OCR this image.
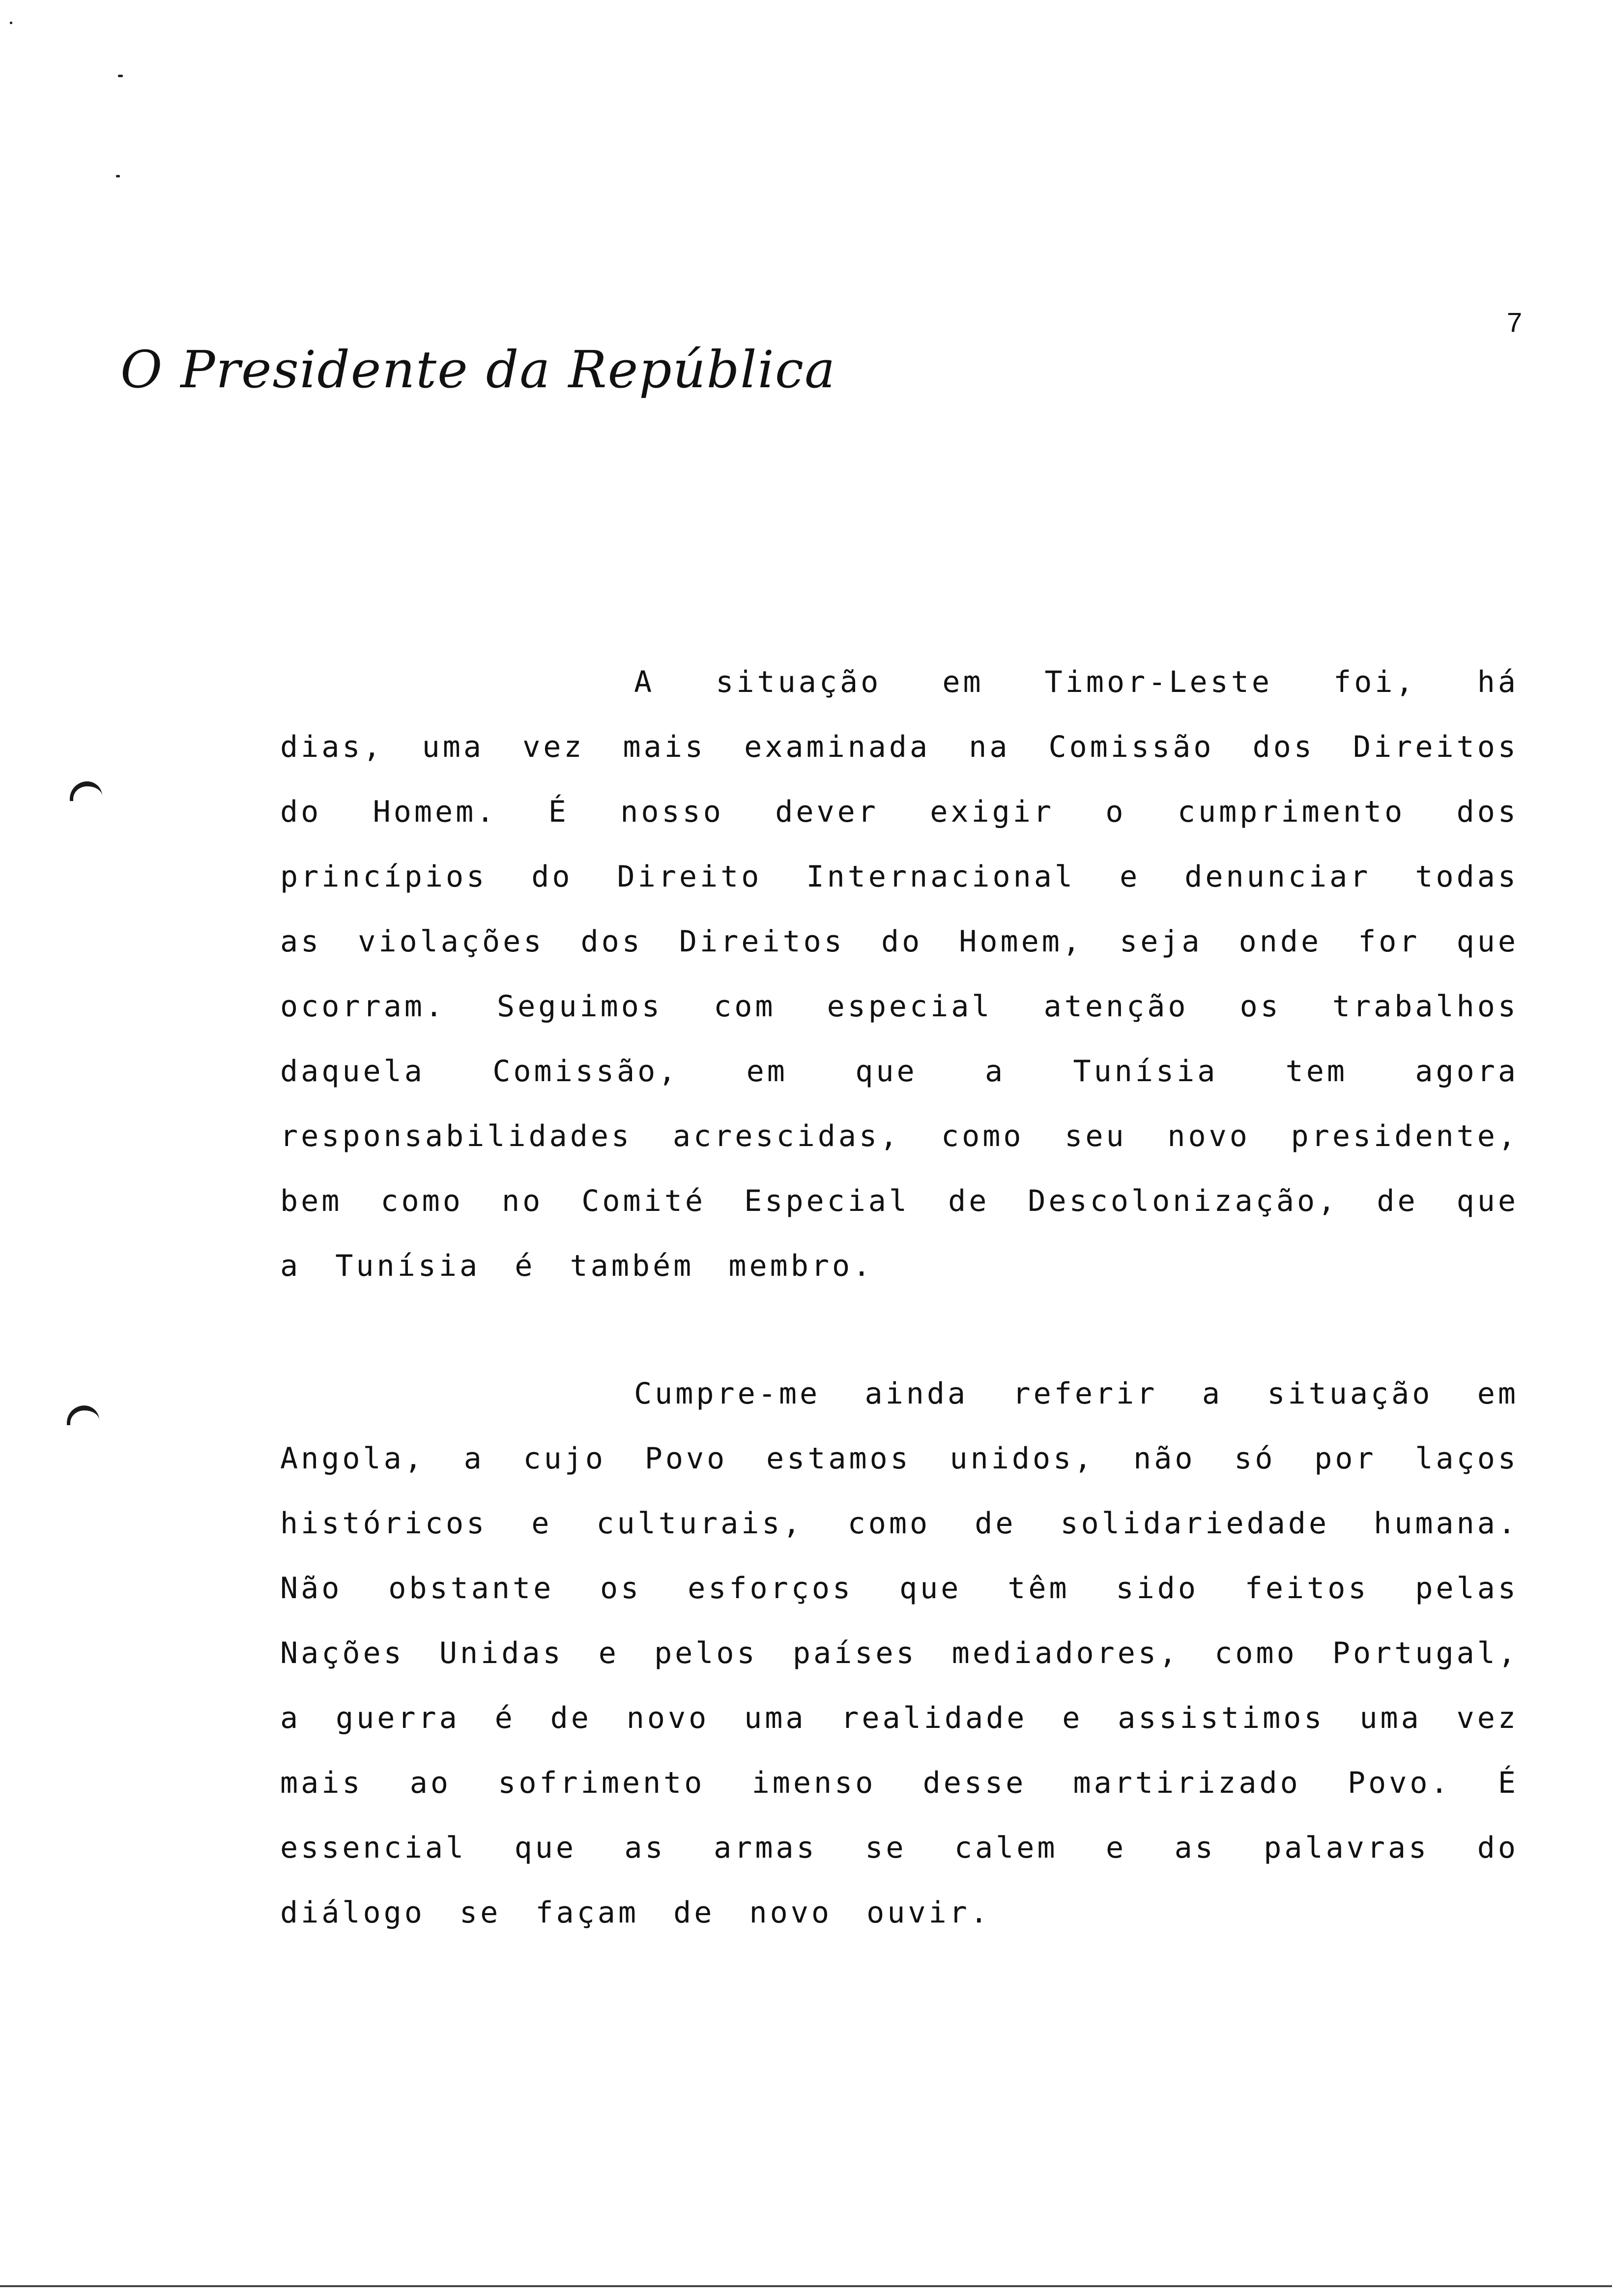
7
O Presidente da República

A situação em Timor-Leste foi, há dias, uma vez mais examinada na Comissão dos Direitos do Homem. É nosso dever exigir o cumprimento dos princípios do Direito Internacional e denunciar todas as violações dos Direitos do Homem, seja onde for que ocorram. Seguimos com especial atenção os trabalhos daquela Comissão, em que a Tunísia tem agora responsabilidades acrescidas, como seu novo presidente, bem como no Comité Especial de Descolonização, de que a Tunísia é também membro.

Cumpre-me ainda referir a situação em Angola, a cujo Povo estamos unidos, não só por laços históricos e culturais, como de solidariedade humana. Não obstante os esforços que têm sido feitos pelas Nações Unidas e pelos países mediadores, como Portugal, a guerra é de novo uma realidade e assistimos uma vez mais ao sofrimento imenso desse martirizado Povo. É essencial que as armas se calem e as palavras do diálogo se façam de novo ouvir.
